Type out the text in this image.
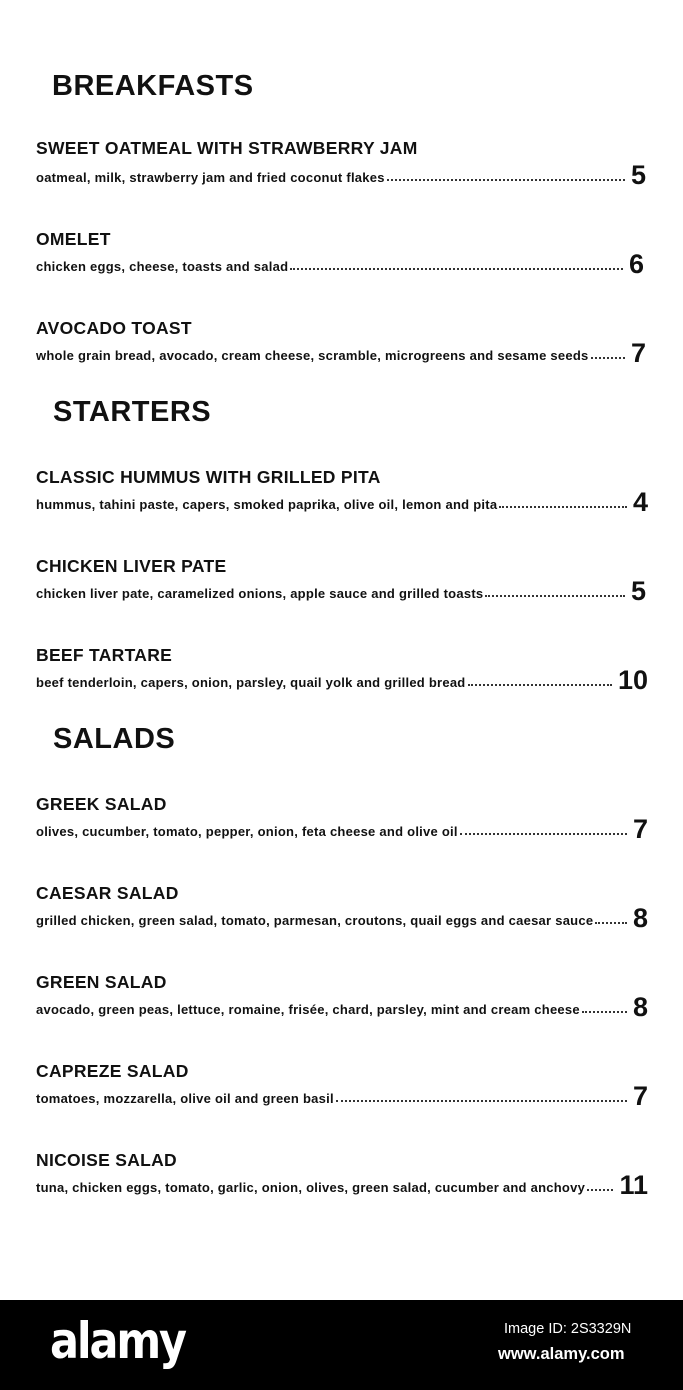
BREAKFASTS
SWEET OATMEAL WITH STRAWBERRY JAM
oatmeal, milk, strawberry jam and fried coconut flakes	5
OMELET
chicken eggs, cheese, toasts and salad	6
AVOCADO TOAST
whole grain bread, avocado, cream cheese, scramble, microgreens and sesame seeds 7
STARTERS
CLASSIC HUMMUS WITH GRILLED PITA
hummus, tahini paste, capers, smoked paprika, olive oil, lemon and pita	4
CHICKEN LIVER PATE
chicken liver pate, caramelized onions, apple sauce and grilled toasts	5
BEEF TARTARE
beef tenderloin, capers, onion, parsley, quail yolk and grilled bread	10
SALADS
GREEK SALAD
olives, cucumber, tomato, pepper, onion, feta cheese and olive oil	7
CAESAR SALAD
grilled chicken, green salad, tomato, parmesan, croutons, quail eggs and caesar sauce 8
GREEN SALAD
avocado, green peas, lettuce, romaine, frisée, chard, parsley, mint and cream cheese 8
CAPREZE SALAD
tomatoes, mozzarella, olive oil and green basil	7
NICOISE SALAD
tuna, chicken eggs, tomato, garlic, onion, olives, green salad, cucumber and anchovy 11
alamy	Image ID: 2S3329N
www.alamy.com
